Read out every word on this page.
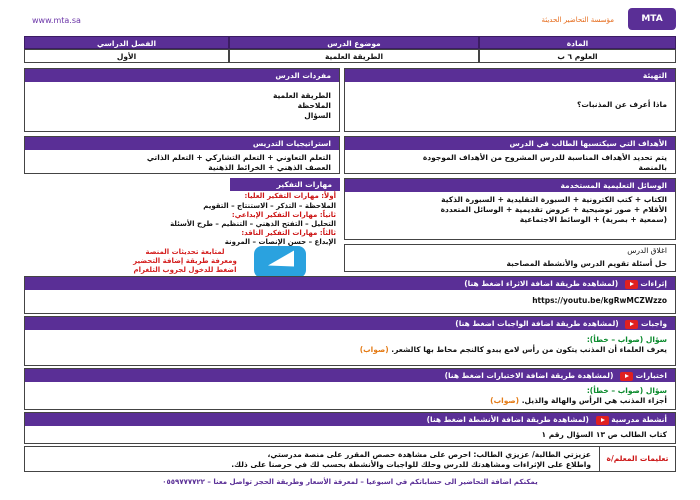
www.mta.sa	مؤسسة التحاضير الحديثة	MTA
الفصل الدراسي	موضوع الدرس	المادة
الأول	الطريقة العلمية	العلوم ٦ ب
التهيئة
ماذا أعرف عن المذنبات؟
الأهداف التي سيكتسبها الطالب في الدرس
يتم تحديد الأهداف المناسبة للدرس المشروح من الأهداف الموجودة
بالمنصة
الوسائل التعليمية المستخدمة
الكتاب + كتب الكترونية + السبورة التقليدية + السبورة الذكية
الأقلام + صور توضيحية + عروض تقديمية + الوسائل المتعددة
(سمعية + بصرية) + الوسائط الاجتماعية
اغلاق الدرس
حل أسئلة تقويم الدرس والأنشطة المصاحبة
مفردات الدرس
الطريقة العلمية
الملاحظة
السؤال
استراتيجيات التدريس
التعلم التعاوني + التعلم التشاركي + التعلم الذاتي
العصف الذهني + الخرائط الذهنية
مهارات التفكير
أولاً: مهارات التفكير العليا:
الملاحظة – التذكر – الاستنتاج – التقويم
ثانياً: مهارات التفكير الإبداعي:
التحليل – التفتح الذهني – التنظيم – طرح الأسئلة
ثالثاً: مهارات التفكير الناقد:
الإبداع – حسن الإنصات – المرونة
لمتابعة تحديثات المنصة
ومعرفة طريقة إضافة التحضير
اضغط للدخول لجروب التلغرام
إثراءات  (لمشاهدة طريقة اضافة الاثراء اضغط هنا)
https://youtu.be/kgRwMCZWzzo
واجبات  (لمشاهدة طريقة اضافة الواجبات اضغط هنا)
سؤال (صواب – خطأ):
يعرف العلماء أن المذنب يتكون من رأس لامع يبدو كالنجم محاط بها كالشعر. (صواب)
اختبارات  (لمشاهدة طريقة اضافة الاختبارات اضغط هنا)
سؤال (صواب – خطأ):
أجزاء المذنب هي الرأس والهالة والذيل. (صواب)
أنشطة مدرسية  (لمشاهدة طريقة اضافة الأنشطة اضغط هنا)
كتاب الطالب ص ١٣ السؤال رقم ١
تعليمات المعلم/ة
عزيزتي الطالبة/ عزيزي الطالب: احرص على مشاهدة حصص المقرر على منصة مدرستي،
واطلاع على الإثراءات ومشاهدتك للدرس وحلك للواجبات والأنشطة بحسب لك في حرصنا على ذلك.
يمكنكم اضافة التحاضير الى حساباتكم في اسبوعيا – لمعرفة الأسعار وطريقة الحجز تواصل معنا – ٠٥٥٩٧٧٧٧٢٢
